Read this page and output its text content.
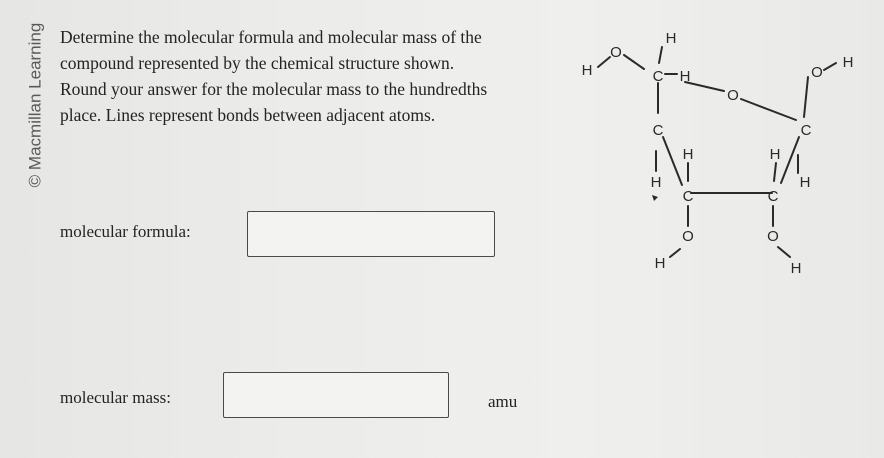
© Macmillan Learning Determine the molecular formula and molecular mass of the
compound represented by the chemical structure shown.
Round your answer for the molecular mass to the hundredths
place. Lines represent bonds between adjacent atoms.
molecular formula:
molecular mass:	amu
H
O
H
C H
O
H
O
C	C
H
H	H
C	C
H
O	O
H	H
